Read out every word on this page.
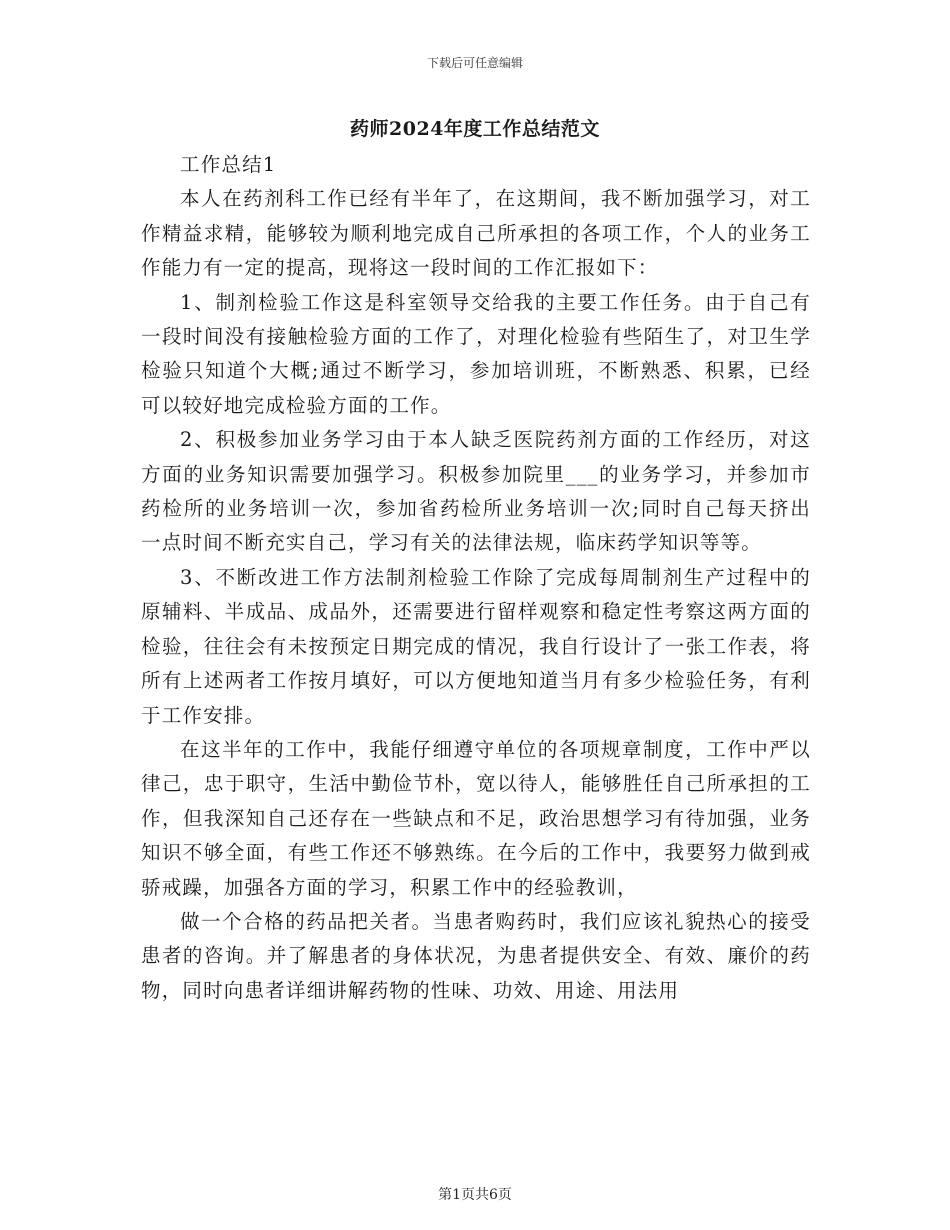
下载后可任意编辑
药师2024年度工作总结范文

工作总结1

本人在药剂科工作已经有半年了，在这期间，我不断加强学习，对工作精益求精，能够较为顺利地完成自己所承担的各项工作，个人的业务工作能力有一定的提高，现将这一段时间的工作汇报如下：

1、制剂检验工作这是科室领导交给我的主要工作任务。由于自己有一段时间没有接触检验方面的工作了，对理化检验有些陌生了，对卫生学检验只知道个大概;通过不断学习，参加培训班，不断熟悉、积累，已经可以较好地完成检验方面的工作。

2、积极参加业务学习由于本人缺乏医院药剂方面的工作经历，对这方面的业务知识需要加强学习。积极参加院里___的业务学习，并参加市药检所的业务培训一次，参加省药检所业务培训一次;同时自己每天挤出一点时间不断充实自己，学习有关的法律法规，临床药学知识等等。

3、不断改进工作方法制剂检验工作除了完成每周制剂生产过程中的原辅料、半成品、成品外，还需要进行留样观察和稳定性考察这两方面的检验，往往会有未按预定日期完成的情况，我自行设计了一张工作表，将所有上述两者工作按月填好，可以方便地知道当月有多少检验任务，有利于工作安排。

在这半年的工作中，我能仔细遵守单位的各项规章制度，工作中严以律己，忠于职守，生活中勤俭节朴，宽以待人，能够胜任自己所承担的工作，但我深知自己还存在一些缺点和不足，政治思想学习有待加强，业务知识不够全面，有些工作还不够熟练。在今后的工作中，我要努力做到戒骄戒躁，加强各方面的学习，积累工作中的经验教训，

做一个合格的药品把关者。当患者购药时，我们应该礼貌热心的接受患者的咨询。并了解患者的身体状况，为患者提供安全、有效、廉价的药物，同时向患者详细讲解药物的性味、功效、用途、用法用

第1页共6页
